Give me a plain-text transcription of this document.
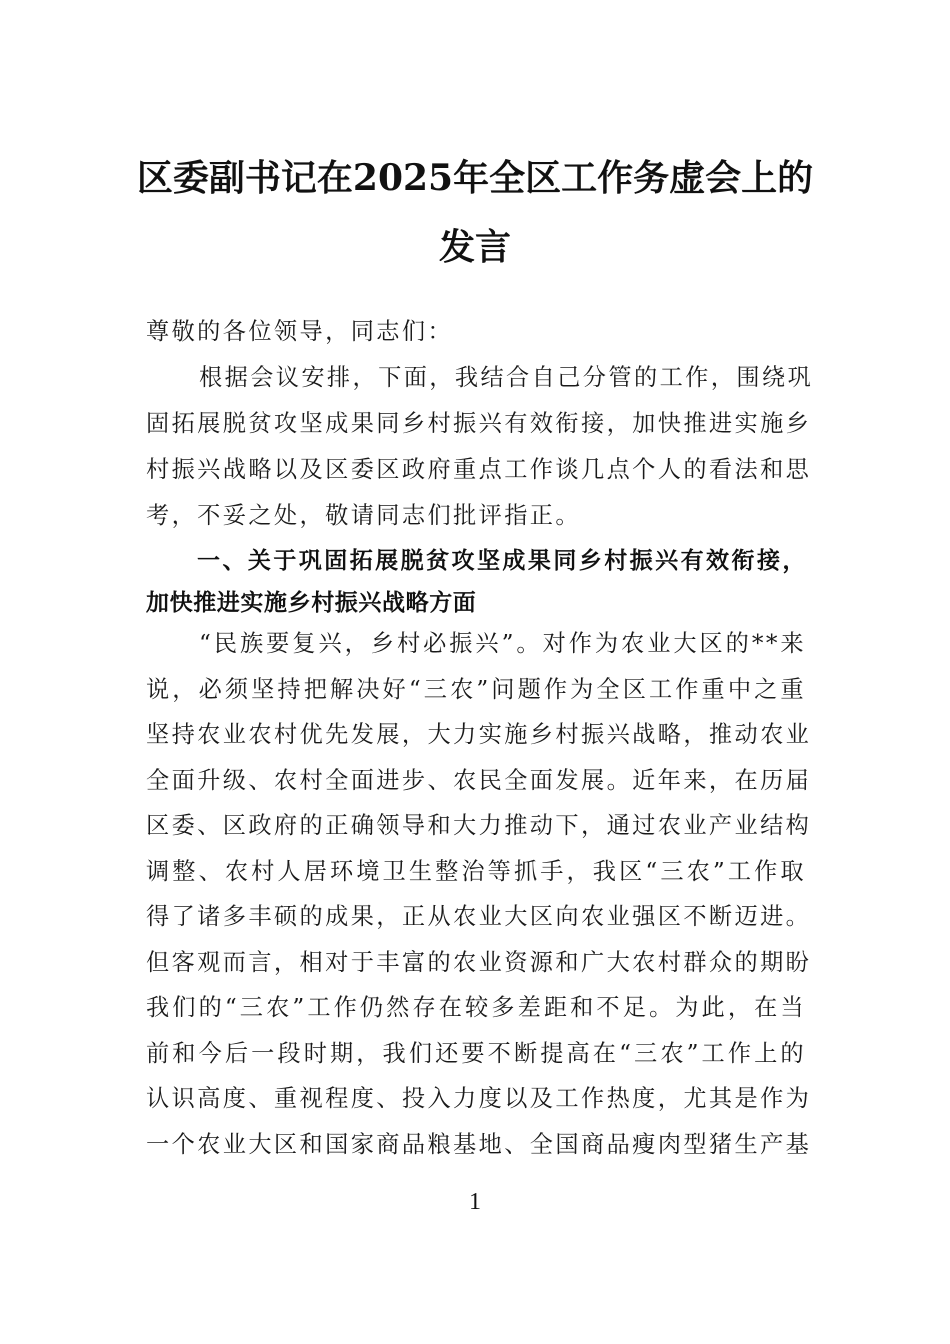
区委副书记在2025年全区工作务虚会上的
发言
尊敬的各位领导，同志们：
根据会议安排，下面，我结合自己分管的工作，围绕巩
固拓展脱贫攻坚成果同乡村振兴有效衔接，加快推进实施乡
村振兴战略以及区委区政府重点工作谈几点个人的看法和思
考，不妥之处，敬请同志们批评指正。
一、关于巩固拓展脱贫攻坚成果同乡村振兴有效衔接，
加快推进实施乡村振兴战略方面
“民族要复兴，乡村必振兴”。对作为农业大区的**来
说，必须坚持把解决好“三农”问题作为全区工作重中之重
坚持农业农村优先发展，大力实施乡村振兴战略，推动农业
全面升级、农村全面进步、农民全面发展。近年来，在历届
区委、区政府的正确领导和大力推动下，通过农业产业结构
调整、农村人居环境卫生整治等抓手，我区“三农”工作取
得了诸多丰硕的成果，正从农业大区向农业强区不断迈进。
但客观而言，相对于丰富的农业资源和广大农村群众的期盼
我们的“三农”工作仍然存在较多差距和不足。为此，在当
前和今后一段时期，我们还要不断提高在“三农”工作上的
认识高度、重视程度、投入力度以及工作热度，尤其是作为
一个农业大区和国家商品粮基地、全国商品瘦肉型猪生产基
1
